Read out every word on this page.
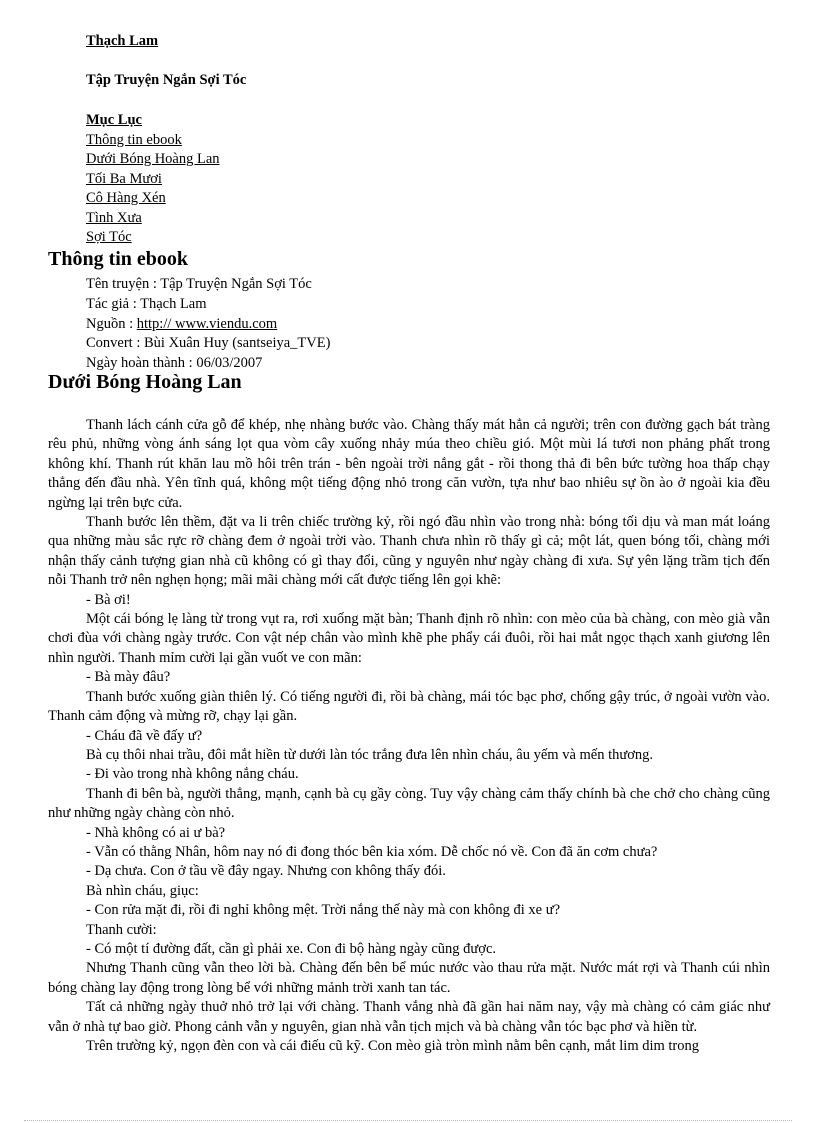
Thạch Lam
Tập Truyện Ngắn Sợi Tóc
Mục Lục
Thông tin ebook
Dưới Bóng Hoàng Lan
Tối Ba Mươi
Cô Hàng Xén
Tình Xưa
Sợi Tóc
Thông tin ebook
Tên truyện : Tập Truyện Ngắn Sợi Tóc
Tác giả : Thạch Lam
Nguồn : http:// www.viendu.com
Convert : Bùi Xuân Huy (santseiya_TVE)
Ngày hoàn thành : 06/03/2007
Dưới Bóng Hoàng Lan

Thanh lách cánh cửa gỗ để khép, nhẹ nhàng bước vào. Chàng thấy mát hẳn cả người; trên con đường gạch bát tràng rêu phủ, những vòng ánh sáng lọt qua vòm cây xuống nhảy múa theo chiều gió. Một mùi lá tươi non phảng phất trong không khí. Thanh rút khăn lau mồ hôi trên trán - bên ngoài trời nắng gắt - rồi thong thả đi bên bức tường hoa thấp chạy thẳng đến đầu nhà. Yên tĩnh quá, không một tiếng động nhỏ trong căn vườn, tựa như bao nhiêu sự ồn ào ở ngoài kia đều ngừng lại trên bực cửa.

Thanh bước lên thềm, đặt va li trên chiếc trường kỷ, rồi ngó đầu nhìn vào trong nhà: bóng tối dịu và man mát loáng qua những màu sắc rực rỡ chàng đem ở ngoài trời vào. Thanh chưa nhìn rõ thấy gì cả; một lát, quen bóng tối, chàng mới nhận thấy cảnh tượng gian nhà cũ không có gì thay đổi, cũng y nguyên như ngày chàng đi xưa. Sự yên lặng trầm tịch đến nỗi Thanh trở nên nghẹn họng; mãi mãi chàng mới cất được tiếng lên gọi khẽ:

- Bà ơi!

Một cái bóng lẹ làng từ trong vụt ra, rơi xuống mặt bàn; Thanh định rõ nhìn: con mèo của bà chàng, con mèo già vẫn chơi đùa với chàng ngày trước. Con vật nép chân vào mình khẽ phe phẩy cái đuôi, rồi hai mắt ngọc thạch xanh giương lên nhìn người. Thanh mỉm cười lại gần vuốt ve con mãn:

- Bà mày đâu?

Thanh bước xuống giàn thiên lý. Có tiếng người đi, rồi bà chàng, mái tóc bạc phơ, chống gậy trúc, ở ngoài vườn vào. Thanh cảm động và mừng rỡ, chạy lại gần.

- Cháu đã về đấy ư?

Bà cụ thôi nhai trầu, đôi mắt hiền từ dưới làn tóc trắng đưa lên nhìn cháu, âu yếm và mến thương.

- Đi vào trong nhà không nắng cháu.

Thanh đi bên bà, người thẳng, mạnh, cạnh bà cụ gầy còng. Tuy vậy chàng cảm thấy chính bà che chở cho chàng cũng như những ngày chàng còn nhỏ.

- Nhà không có ai ư bà?

- Vẫn có thằng Nhân, hôm nay nó đi đong thóc bên kia xóm. Dễ chốc nó về. Con đã ăn cơm chưa?

- Dạ chưa. Con ở tầu về đây ngay. Nhưng con không thấy đói.

Bà nhìn cháu, giục:

- Con rửa mặt đi, rồi đi nghỉ không mệt. Trời nắng thế này mà con không đi xe ư?

Thanh cười:

- Có một tí đường đất, cần gì phải xe. Con đi bộ hàng ngày cũng được.

Nhưng Thanh cũng vẫn theo lời bà. Chàng đến bên bể múc nước vào thau rửa mặt. Nước mát rợi và Thanh cúi nhìn bóng chàng lay động trong lòng bể với những mảnh trời xanh tan tác.

Tất cả những ngày thuở nhỏ trở lại với chàng. Thanh vắng nhà đã gần hai năm nay, vậy mà chàng có cảm giác như vẫn ở nhà tự bao giờ. Phong cảnh vẫn y nguyên, gian nhà vẫn tịch mịch và bà chàng vẫn tóc bạc phơ và hiền từ.

Trên trường kỷ, ngọn đèn con và cái điếu cũ kỹ. Con mèo già tròn mình nằm bên cạnh, mắt lim dim trong
